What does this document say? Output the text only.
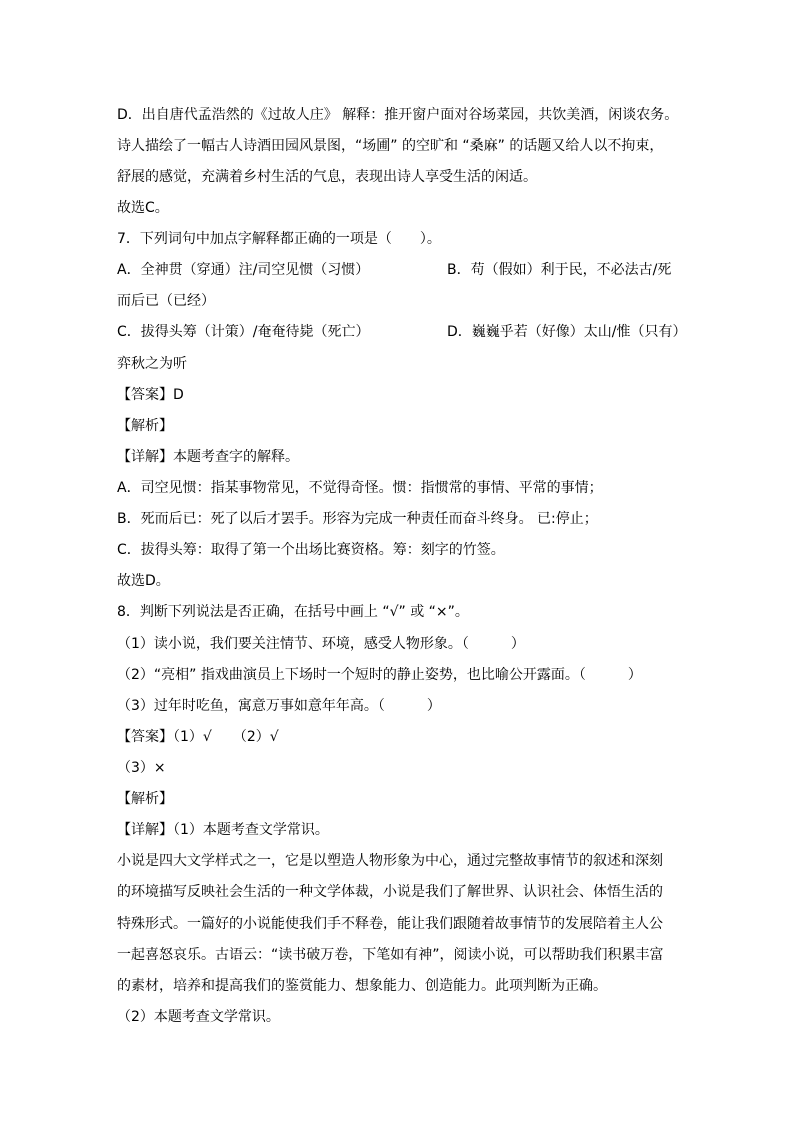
D．出自唐代孟浩然的《过故人庄》 解释：推开窗户面对谷场菜园，共饮美酒，闲谈农务。
诗人描绘了一幅古人诗酒田园风景图，“场圃” 的空旷和 “桑麻” 的话题又给人以不拘束，
舒展的感觉，充满着乡村生活的气息，表现出诗人享受生活的闲适。
故选C。
7．下列词句中加点字解释都正确的一项是（　　）。
A．全神贯（穿通）注/司空见惯（习惯）	B．苟（假如）利于民，不必法古/死
而后已（已经）
C．拔得头筹（计策）/奄奄待毙（死亡）	D．巍巍乎若（好像）太山/惟（只有）
弈秋之为听
【答案】D
【解析】
【详解】本题考查字的解释。
A．司空见惯：指某事物常见，不觉得奇怪。惯：指惯常的事情、平常的事情；
B．死而后已：死了以后才罢手。形容为完成一种责任而奋斗终身。 已:停止；
C．拔得头筹：取得了第一个出场比赛资格。筹：刻字的竹签。
故选D。
8．判断下列说法是否正确，在括号中画上 “√” 或 “×”。
（1）读小说，我们要关注情节、环境，感受人物形象。（　　　）
（2）“亮相” 指戏曲演员上下场时一个短时的静止姿势，也比喻公开露面。（　　　）
（3）过年时吃鱼，寓意万事如意年年高。（　　　）
【答案】（1）√　　（2）√
（3）×
【解析】
【详解】（1）本题考查文学常识。
小说是四大文学样式之一，它是以塑造人物形象为中心，通过完整故事情节的叙述和深刻
的环境描写反映社会生活的一种文学体裁，小说是我们了解世界、认识社会、体悟生活的
特殊形式。一篇好的小说能使我们手不释卷，能让我们跟随着故事情节的发展陪着主人公
一起喜怒哀乐。古语云：“读书破万卷，下笔如有神”，阅读小说，可以帮助我们积累丰富
的素材，培养和提高我们的鉴赏能力、想象能力、创造能力。此项判断为正确。
（2）本题考查文学常识。
